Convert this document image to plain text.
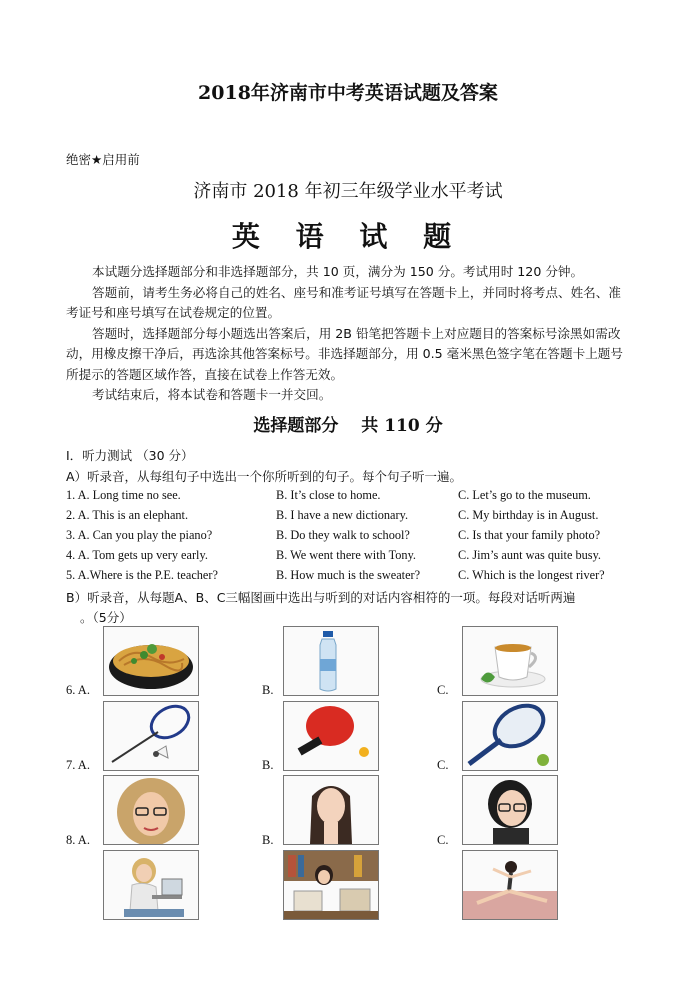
2018年济南市中考英语试题及答案
绝密★启用前
济南市 2018 年初三年级学业水平考试
英 语 试 题

本试题分选择题部分和非选择题部分，共 10 页，满分为 150 分。考试用时 120 分钟。

答题前，请考生务必将自己的姓名、座号和准考证号填写在答题卡上，并同时将考点、姓名、准考证号和座号填写在试卷规定的位置。

答题时，选择题部分每小题选出答案后，用 2B 铅笔把答题卡上对应题目的答案标号涂黑如需改动，用橡皮擦干净后，再选涂其他答案标号。非选择题部分，用 0.5 毫米黑色签字笔在答题卡上题号所提示的答题区域作答，直接在试卷上作答无效。

考试结束后，将本试卷和答题卡一并交回。

选择题部分　 共 110 分
I．听力测试 （30 分）
A）听录音，从每组句子中选出一个你所听到的句子。每个句子听一遍。
1. A. Long time no see.	B. It’s close to home.	C. Let’s go to the museum.
2. A. This is an elephant.	B. I have a new dictionary.	C. My birthday is in August.
3. A. Can you play the piano?	B. Do they walk to school?	C. Is that your family photo?
4. A. Tom gets up very early.	B. We went there with Tony.	C. Jim’s aunt was quite busy.
5. A.Where is the P.E. teacher?	B. How much is the sweater?	C. Which is the longest river?
B）听录音，从每题A、B、C三幅图画中选出与听到的对话内容相符的一项。每段对话听两遍
。（5分）
6. A.	B.	C.
7. A.	B.	C.
8. A.	B.	C.
